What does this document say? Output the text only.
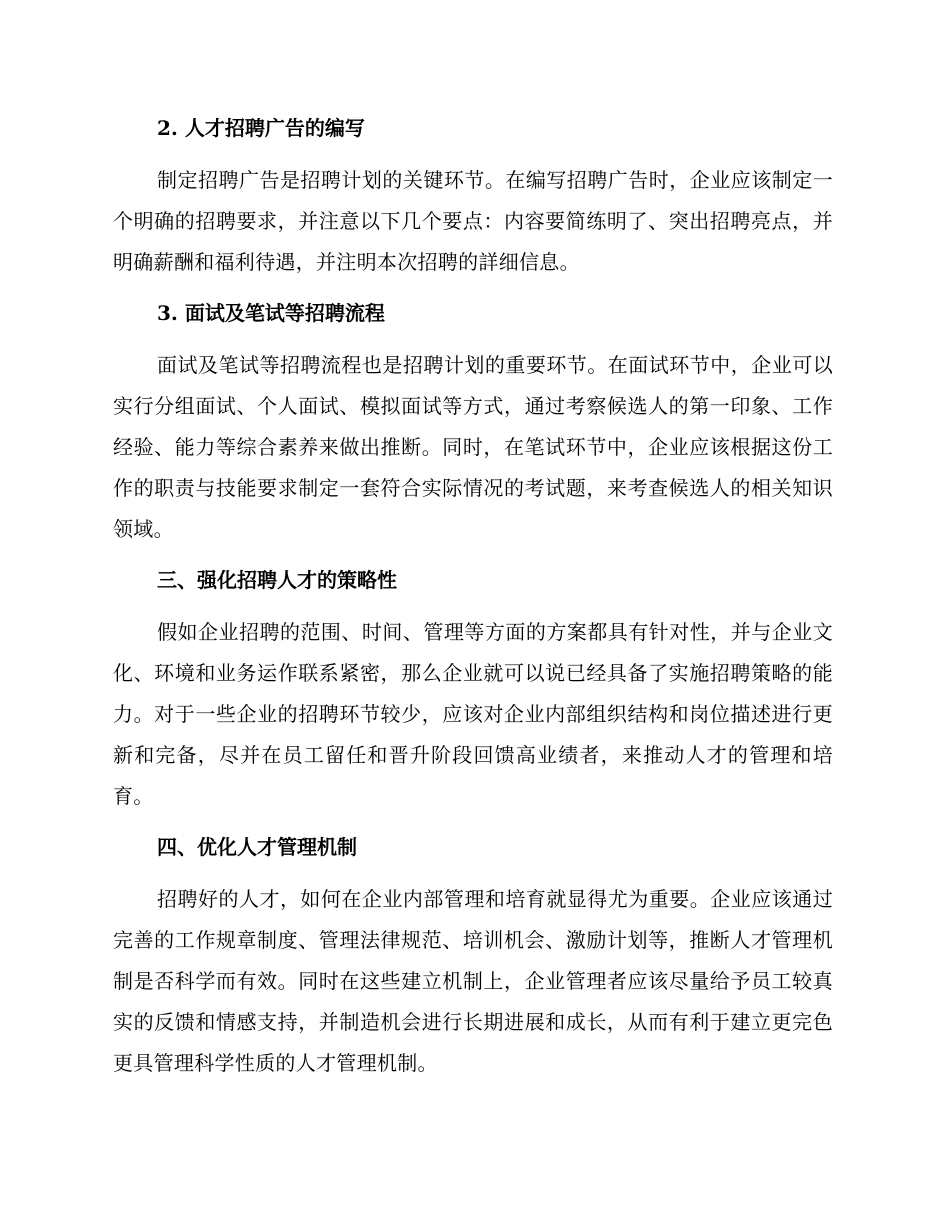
2. 人才招聘广告的编写

制定招聘广告是招聘计划的关键环节。在编写招聘广告时，企业应该制定一个明确的招聘要求，并注意以下几个要点：内容要简练明了、突出招聘亮点，并明确薪酬和福利待遇，并注明本次招聘的詳细信息。

3. 面试及笔试等招聘流程

面试及笔试等招聘流程也是招聘计划的重要环节。在面试环节中，企业可以实行分组面试、个人面试、模拟面试等方式，通过考察候选人的第一印象、工作经验、能力等综合素养来做出推断。同时，在笔试环节中，企业应该根据这份工作的职责与技能要求制定一套符合实际情况的考试题，来考查候选人的相关知识领域。

三、强化招聘人才的策略性

假如企业招聘的范围、时间、管理等方面的方案都具有针对性，并与企业文化、环境和业务运作联系紧密，那么企业就可以说已经具备了实施招聘策略的能力。对于一些企业的招聘环节较少，应该对企业内部组织结构和岗位描述进行更新和完备，尽并在员工留任和晋升阶段回馈高业绩者，来推动人才的管理和培育。

四、优化人才管理机制

招聘好的人才，如何在企业内部管理和培育就显得尤为重要。企业应该通过完善的工作规章制度、管理法律规范、培训机会、激励计划等，推断人才管理机制是否科学而有效。同时在这些建立机制上，企业管理者应该尽量给予员工较真实的反馈和情感支持，并制造机会进行长期进展和成长，从而有利于建立更完色更具管理科学性质的人才管理机制。
